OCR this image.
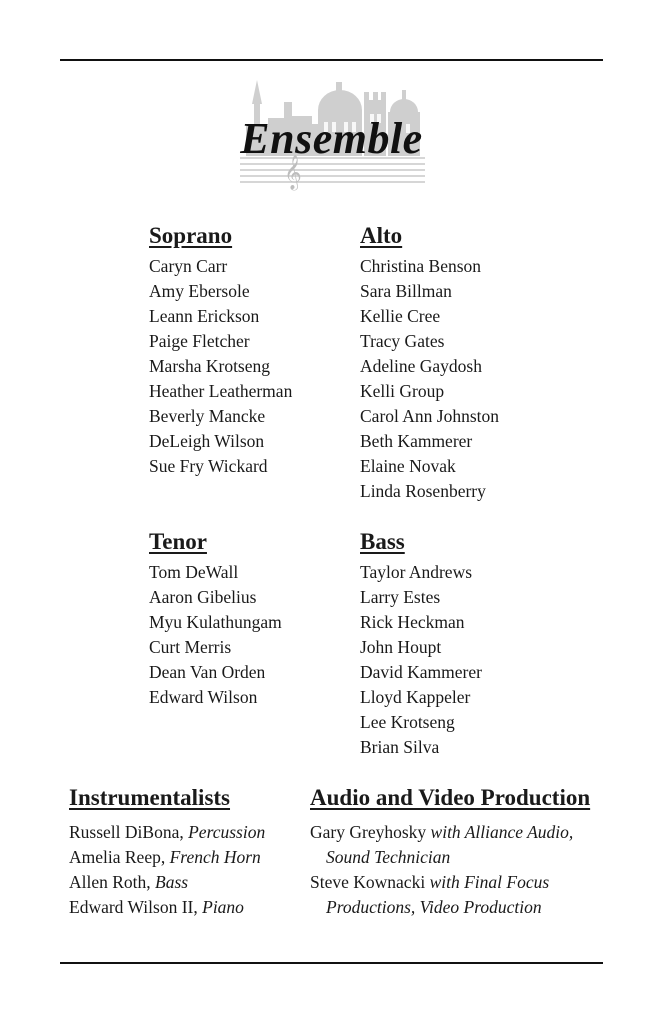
𝄞
Ensemble
Soprano
Caryn Carr
Amy Ebersole
Leann Erickson
Paige Fletcher
Marsha Krotseng
Heather Leatherman
Beverly Mancke
DeLeigh Wilson
Sue Fry Wickard
Alto
Christina Benson
Sara Billman
Kellie Cree
Tracy Gates
Adeline Gaydosh
Kelli Group
Carol Ann Johnston
Beth Kammerer
Elaine Novak
Linda Rosenberry
Tenor
Tom DeWall
Aaron Gibelius
Myu Kulathungam
Curt Merris
Dean Van Orden
Edward Wilson
Bass
Taylor Andrews
Larry Estes
Rick Heckman
John Houpt
David Kammerer
Lloyd Kappeler
Lee Krotseng
Brian Silva
Instrumentalists
Russell DiBona, Percussion
Amelia Reep, French Horn
Allen Roth, Bass
Edward Wilson II, Piano
Audio and Video Production
Gary Greyhosky with Alliance Audio,
Sound Technician
Steve Kownacki with Final Focus
Productions, Video Production
